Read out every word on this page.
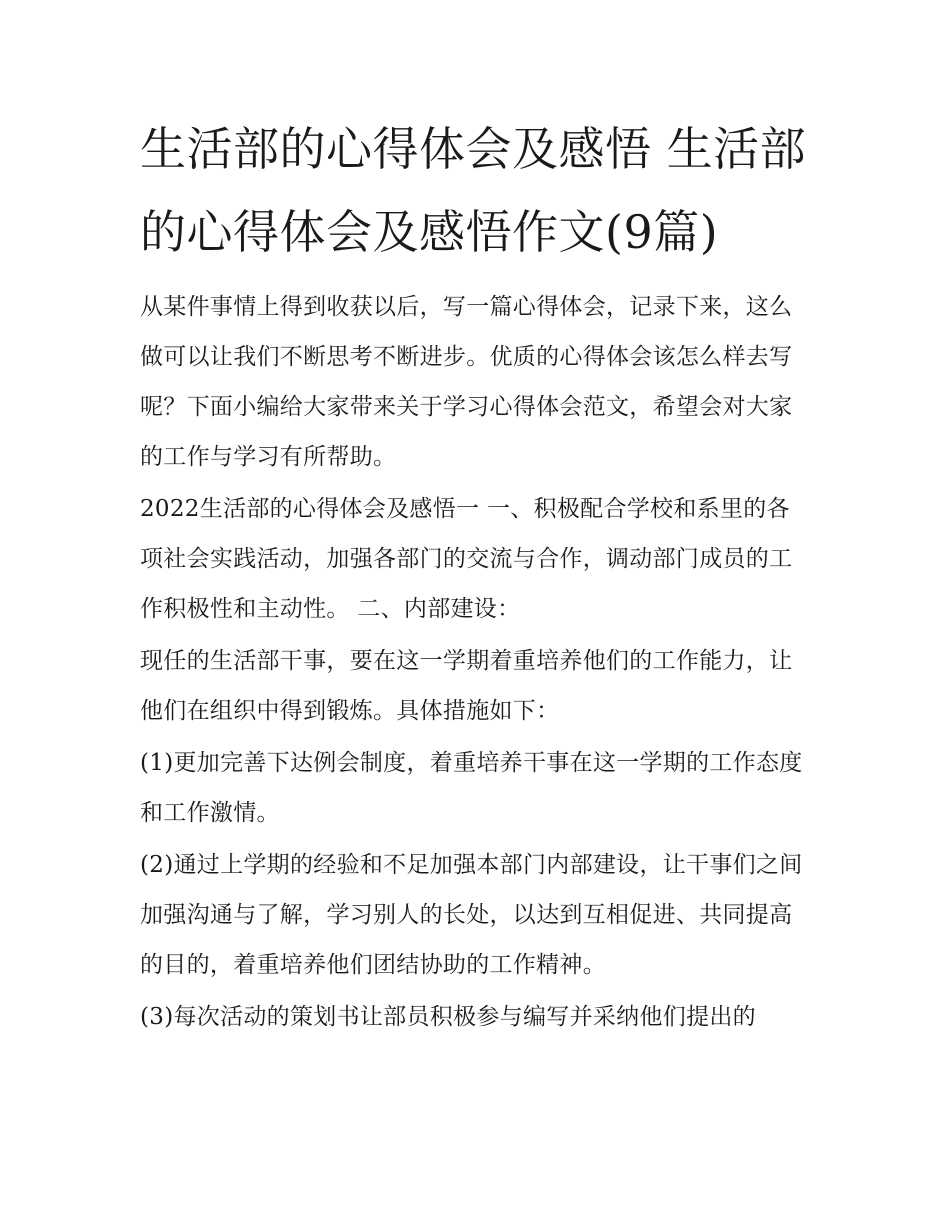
生活部的心得体会及感悟 生活部的心得体会及感悟作文(9篇)

从某件事情上得到收获以后，写一篇心得体会，记录下来，这么做可以让我们不断思考不断进步。优质的心得体会该怎么样去写呢？下面小编给大家带来关于学习心得体会范文，希望会对大家的工作与学习有所帮助。

2022生活部的心得体会及感悟一 一、积极配合学校和系里的各项社会实践活动，加强各部门的交流与合作，调动部门成员的工作积极性和主动性。 二、内部建设：

现任的生活部干事，要在这一学期着重培养他们的工作能力，让他们在组织中得到锻炼。具体措施如下：

(1)更加完善下达例会制度，着重培养干事在这一学期的工作态度和工作激情。

(2)通过上学期的经验和不足加强本部门内部建设，让干事们之间加强沟通与了解，学习别人的长处，以达到互相促进、共同提高的目的，着重培养他们团结协助的工作精神。

(3)每次活动的策划书让部员积极参与编写并采纳他们提出的
